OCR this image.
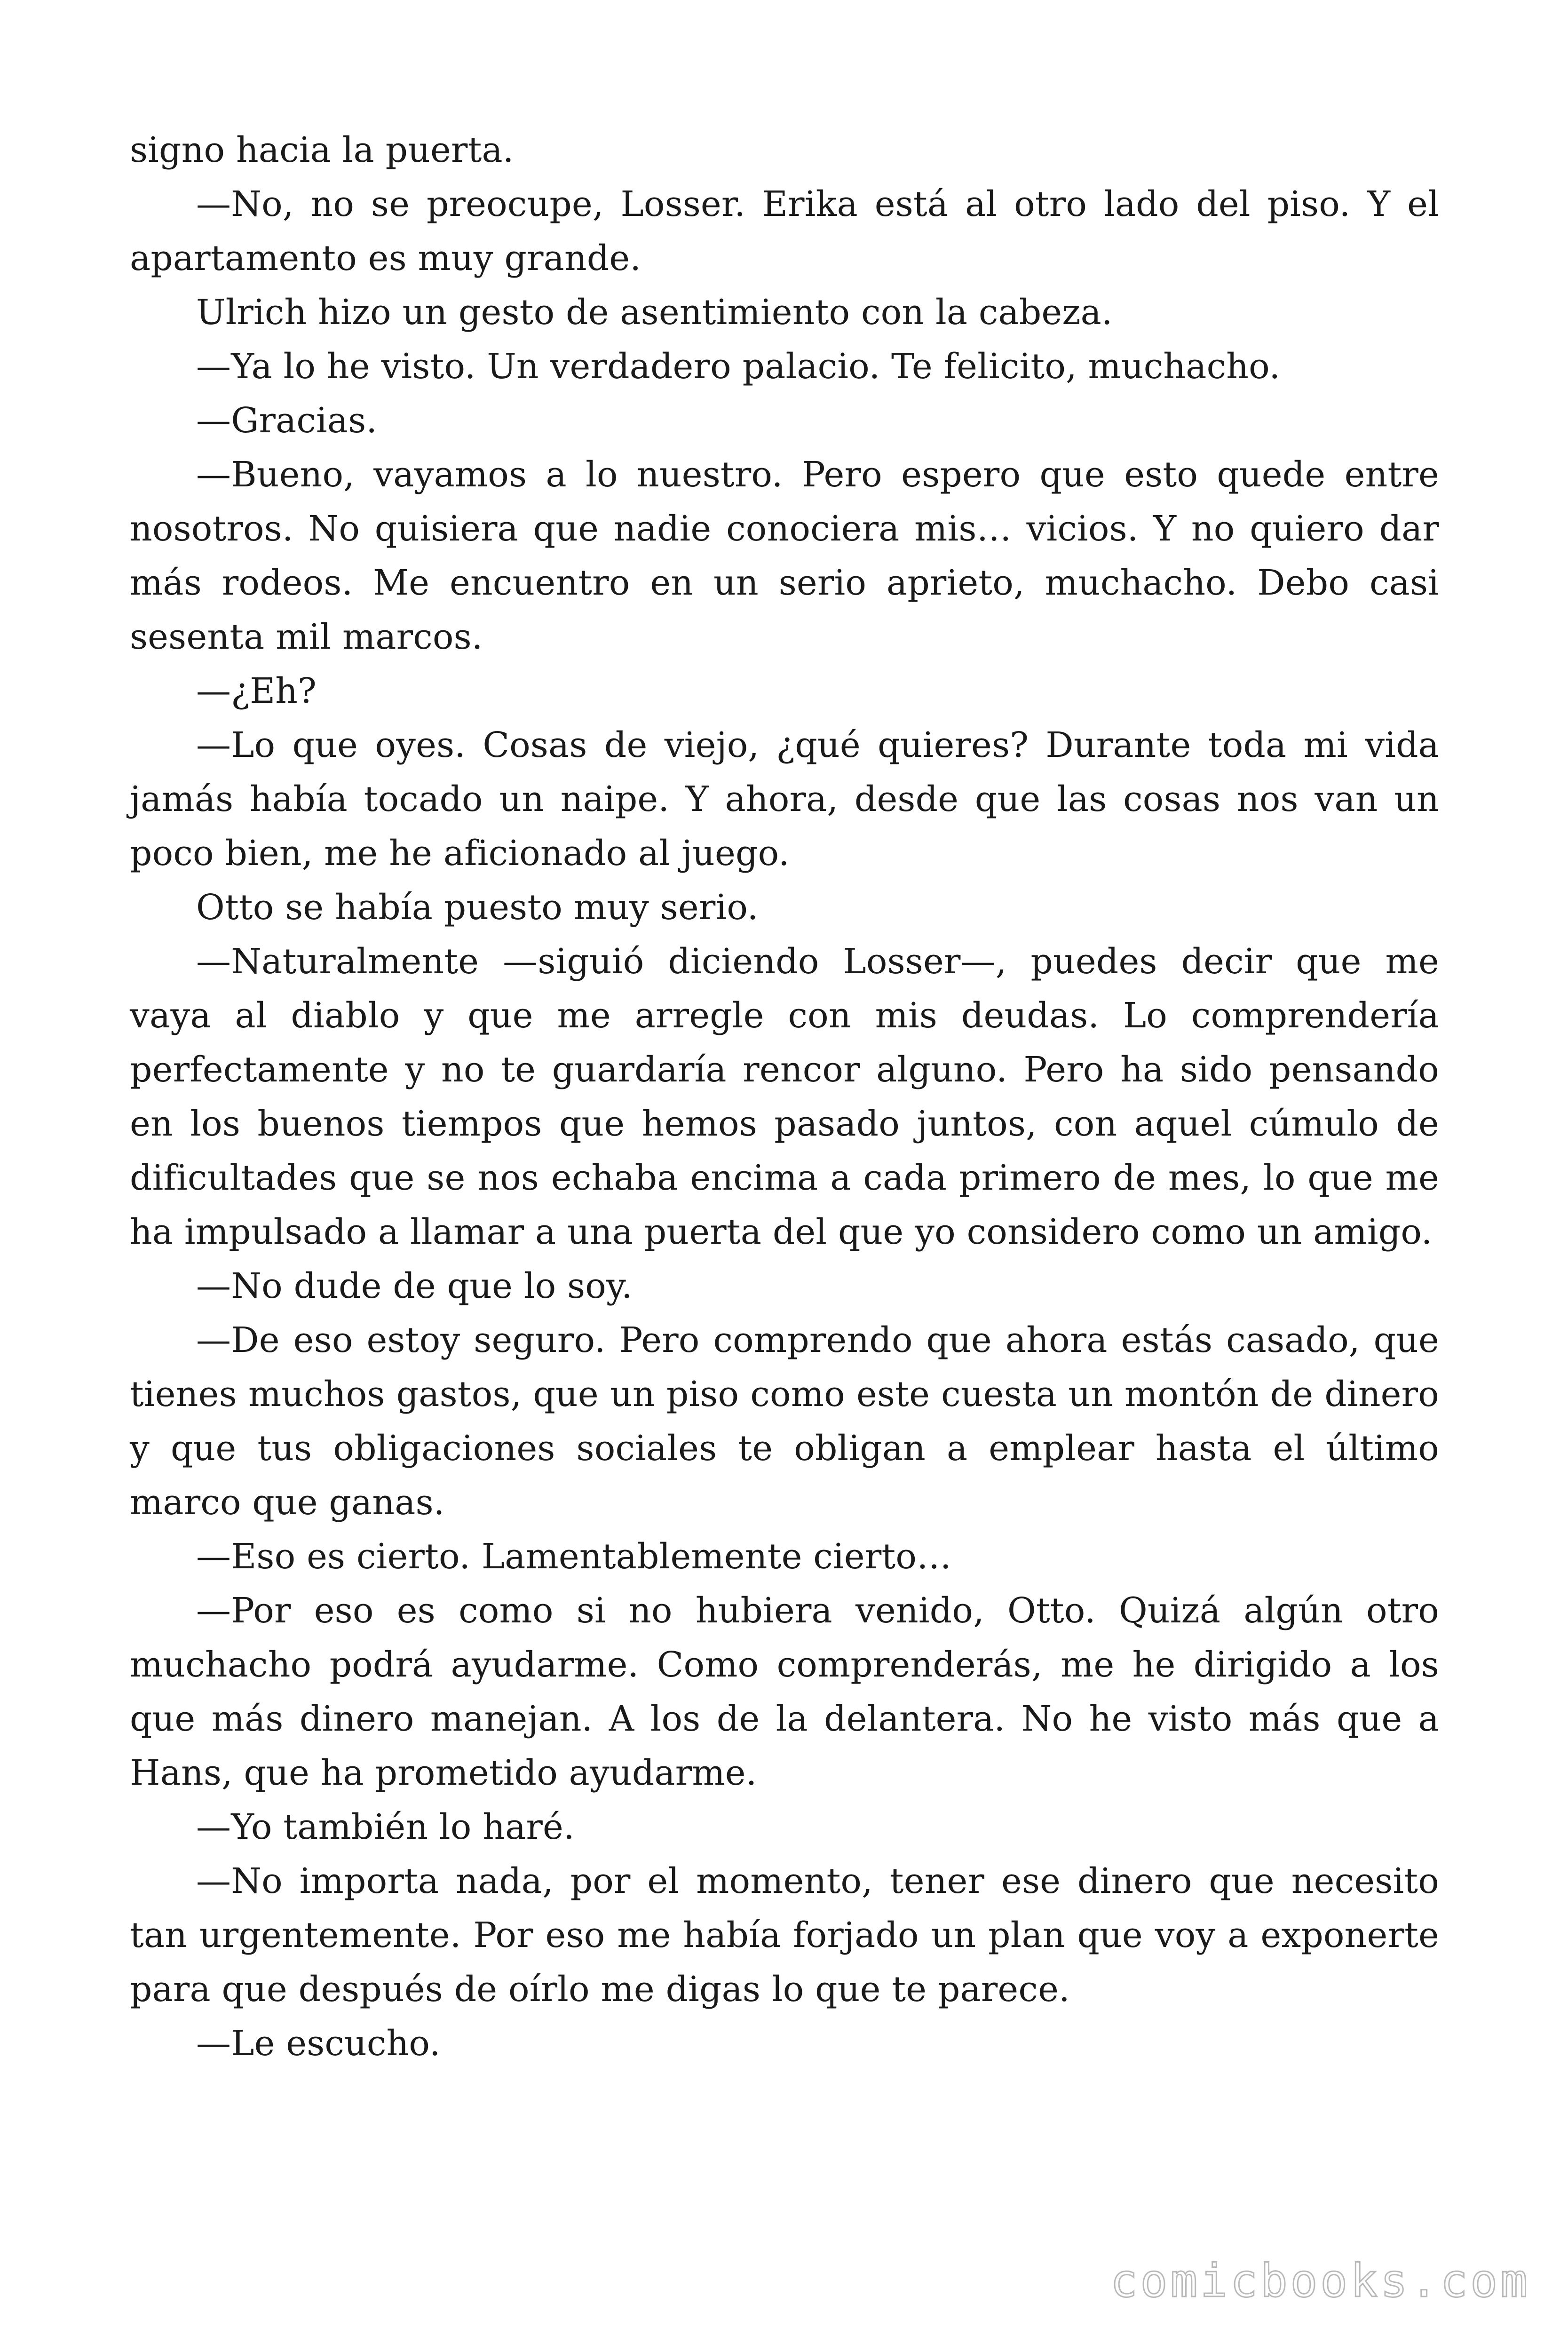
signo hacia la puerta.

—No, no se preocupe, Losser. Erika está al otro lado del piso. Y el apartamento es muy grande.

Ulrich hizo un gesto de asentimiento con la cabeza.

—Ya lo he visto. Un verdadero palacio. Te felicito, muchacho.

—Gracias.

—Bueno, vayamos a lo nuestro. Pero espero que esto quede entre nosotros. No quisiera que nadie conociera mis… vicios. Y no quiero dar más rodeos. Me encuentro en un serio aprieto, muchacho. Debo casi sesenta mil marcos.

—¿Eh?

—Lo que oyes. Cosas de viejo, ¿qué quieres? Durante toda mi vida jamás había tocado un naipe. Y ahora, desde que las cosas nos van un poco bien, me he aficionado al juego.

Otto se había puesto muy serio.

—Naturalmente —siguió diciendo Losser—, puedes decir que me vaya al diablo y que me arregle con mis deudas. Lo comprendería perfectamente y no te guardaría rencor alguno. Pero ha sido pensando en los buenos tiempos que hemos pasado juntos, con aquel cúmulo de dificultades que se nos echaba encima a cada primero de mes, lo que me ha impulsado a llamar a una puerta del que yo considero como un amigo.

—No dude de que lo soy.

—De eso estoy seguro. Pero comprendo que ahora estás casado, que tienes muchos gastos, que un piso como este cuesta un montón de dinero y que tus obligaciones sociales te obligan a emplear hasta el último marco que ganas.

—Eso es cierto. Lamentablemente cierto…

—Por eso es como si no hubiera venido, Otto. Quizá algún otro muchacho podrá ayudarme. Como comprenderás, me he dirigido a los que más dinero manejan. A los de la delantera. No he visto más que a Hans, que ha prometido ayudarme.

—Yo también lo haré.

—No importa nada, por el momento, tener ese dinero que necesito tan urgentemente. Por eso me había forjado un plan que voy a exponerte para que después de oírlo me digas lo que te parece.

—Le escucho.

comicbooks.com
